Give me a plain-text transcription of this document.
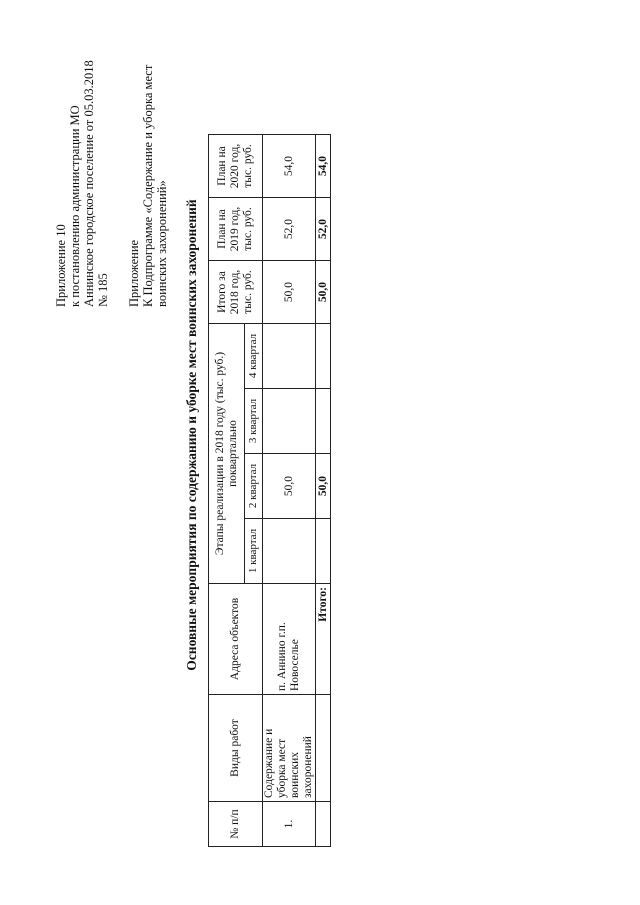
Приложение 10 к постановлению администрации МО Аннинское городское поселение от 05.03.2018 № 185 Приложение К Подпрограмме «Содержание и уборка мест воинских захоронений» Основные мероприятия по содержанию и уборке мест воинских захоронений
№ п/п	Виды работ	Адреса объектов	Этапы реализации в 2018 году (тыс. руб.) поквартально				Итого за 2018 год, тыс. руб.	План на 2019 год, тыс. руб.	План на 2020 год, тыс. руб.
			1 квартал	2 квартал	3 квартал	4 квартал			
1.	Содержание и уборка мест воинских захоронений	п. Аннино г.п. Новоселье		50,0			50,0	52,0	54,0
		Итого:		50,0			50,0	52,0	54,0
